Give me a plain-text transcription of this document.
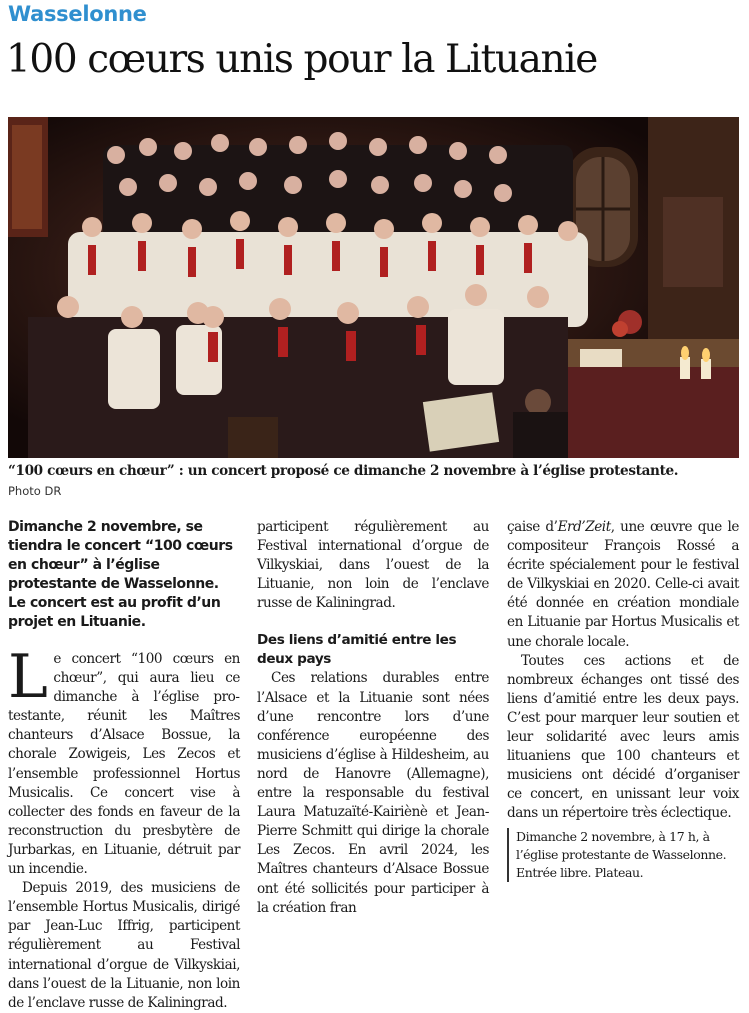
Wasselonne
100 cœurs unis pour la Lituanie
“100 cœurs en chœur” : un concert proposé ce dimanche 2 novembre à l’église protestante.
Photo DR

Dimanche 2 novembre, se tiendra le concert “100 cœurs en chœur” à l’église protestante de Wasselonne. Le concert est au profit d’un projet en Lituanie.

Le concert “100 cœurs en chœur”, qui aura lieu ce dimanche à l’église protestante, réunit les Maîtres chanteurs d’Alsace Bossue, la chorale Zowigeis, Les Zecos et l’ensemble professionnel Hortus Musicalis. Ce concert vise à collecter des fonds en faveur de la reconstruction du presbytère de Jurbarkas, en Lituanie, détruit par un incendie.

Depuis 2019, des musiciens de l’ensemble Hortus Musicalis, dirigé par Jean-Luc Iffrig, participent régulièrement au Festival international d’orgue de Vilkyskiai, dans l’ouest de la Lituanie, non loin de l’enclave russe de Kaliningrad.

participent régulièrement au Festival international d’orgue de Vilkyskiai, dans l’ouest de la Lituanie, non loin de l’enclave russe de Kaliningrad.

Des liens d’amitié entre les deux pays

Ces relations durables entre l’Alsace et la Lituanie sont nées d’une rencontre lors d’une conférence européenne des musiciens d’église à Hildesheim, au nord de Hanovre (Allemagne), entre la responsable du festival Laura Matuzaïté-Kairiènè et Jean-Pierre Schmitt qui dirige la chorale Les Zecos. En avril 2024, les Maîtres chanteurs d’Alsace Bossue ont été sollicités pour participer à la création fran

çaise d’Erd’Zeit, une œuvre que le compositeur François Rossé a écrite spécialement pour le festival de Vilkyskiai en 2020. Celle-ci avait été donnée en création mondiale en Lituanie par Hortus Musicalis et une chorale locale.

Toutes ces actions et de nombreux échanges ont tissé des liens d’amitié entre les deux pays. C’est pour marquer leur soutien et leur solidarité avec leurs amis lituaniens que 100 chanteurs et musiciens ont décidé d’organiser ce concert, en unissant leur voix dans un répertoire très éclectique.

Dimanche 2 novembre, à 17 h, à l’église protestante de Wasselonne. Entrée libre. Plateau.
